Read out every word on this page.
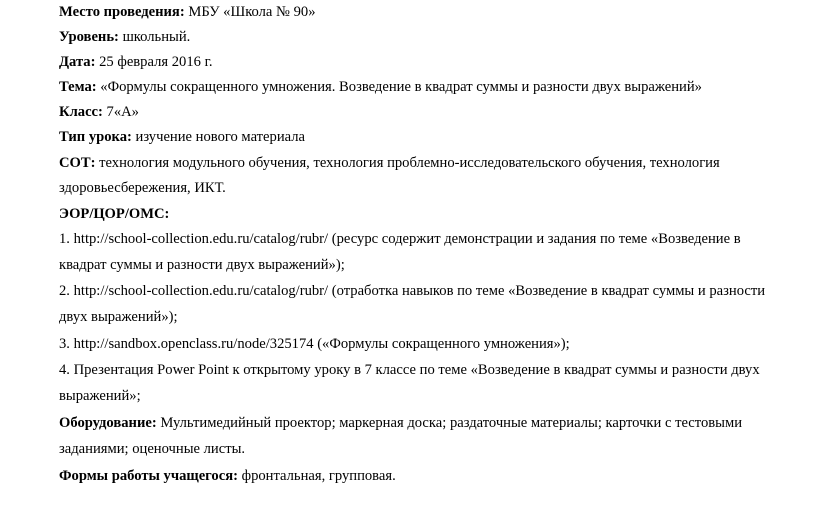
Место проведения: МБУ «Школа № 90»
Уровень: школьный.
Дата: 25 февраля 2016 г.
Тема: «Формулы сокращенного умножения. Возведение в квадрат суммы и разности двух выражений»
Класс: 7«А»
Тип урока: изучение нового материала
СОТ: технология модульного обучения, технология проблемно-исследовательского обучения, технология
здоровьесбережения, ИКТ.
ЭОР/ЦОР/ОМС:
1. http://school-collection.edu.ru/catalog/rubr/ (ресурс содержит демонстрации и задания по теме «Возведение в
квадрат суммы и разности двух выражений»);
2. http://school-collection.edu.ru/catalog/rubr/ (отработка навыков по теме «Возведение в квадрат суммы и разности
двух выражений»);
3. http://sandbox.openclass.ru/node/325174 («Формулы сокращенного умножения»);
4. Презентация Power Point к открытому уроку в 7 классе по теме «Возведение в квадрат суммы и разности двух
выражений»;
Оборудование: Мультимедийный проектор; маркерная доска; раздаточные материалы; карточки с тестовыми
заданиями; оценочные листы.
Формы работы учащегося: фронтальная, групповая.
